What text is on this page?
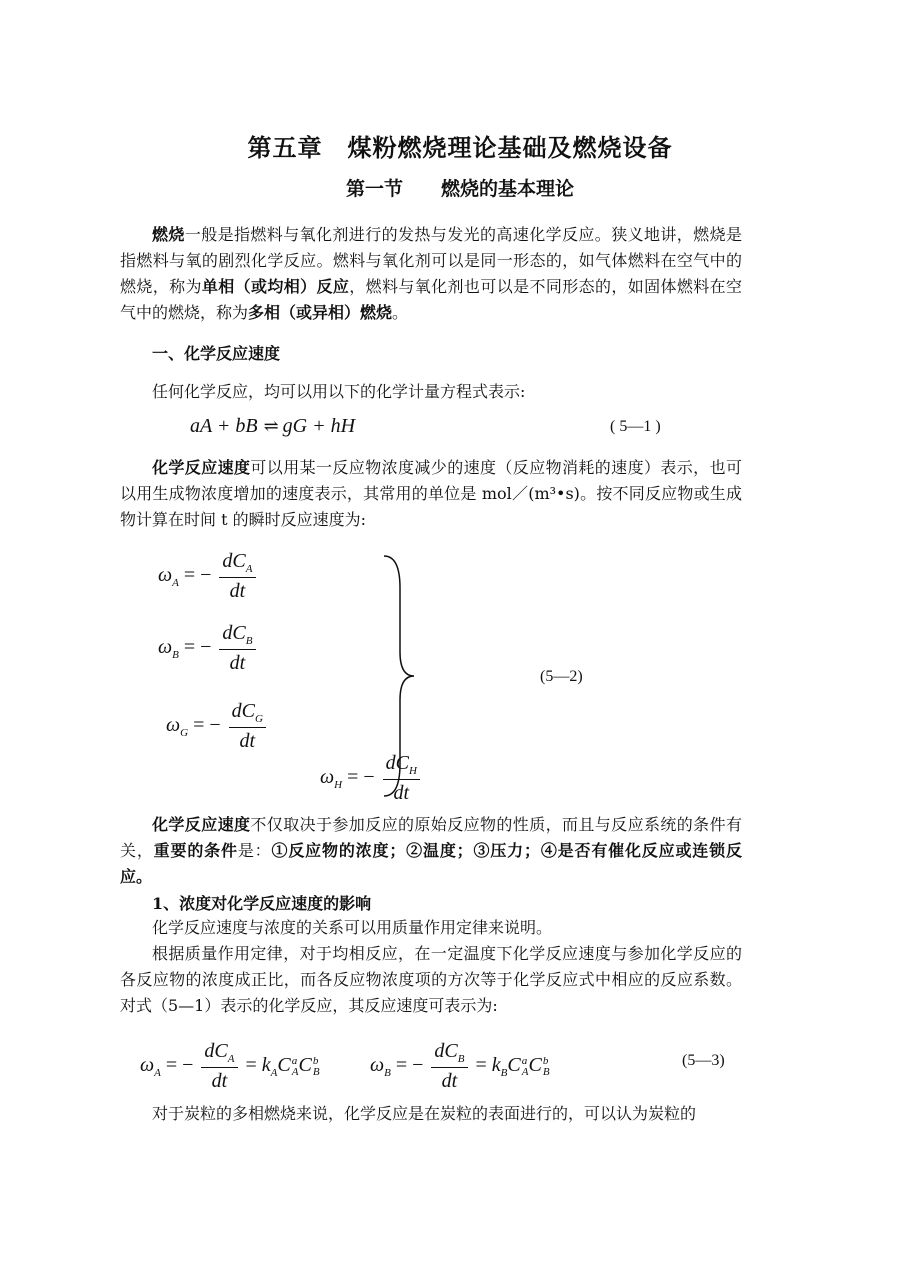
第五章　煤粉燃烧理论基础及燃烧设备
第一节　　燃烧的基本理论
燃烧一般是指燃料与氧化剂进行的发热与发光的高速化学反应。狭义地讲，燃烧是指燃料与氧的剧烈化学反应。燃料与氧化剂可以是同一形态的，如气体燃料在空气中的燃烧，称为单相（或均相）反应，燃料与氧化剂也可以是不同形态的，如固体燃料在空气中的燃烧，称为多相（或异相）燃烧。
一、化学反应速度
任何化学反应，均可以用以下的化学计量方程式表示:
aA + bB ⇌ gG + hH	( 5—1 )
化学反应速度可以用某一反应物浓度减少的速度（反应物消耗的速度）表示，也可以用生成物浓度增加的速度表示，其常用的单位是 mol／(m³•s)。按不同反应物或生成物计算在时间 t 的瞬时反应速度为:
$\omega_A$ = − $\frac{dC_A}{dt}$
$\omega_B$ = − $\frac{dC_B}{dt}$
$\omega_G$ = − $\frac{dC_G}{dt}$
$\omega_H$ = − $\frac{dC_H}{dt}$
(5—2)
化学反应速度不仅取决于参加反应的原始反应物的性质，而且与反应系统的条件有关，重要的条件是：①反应物的浓度；②温度；③压力；④是否有催化反应或连锁反应。
1、浓度对化学反应速度的影响
化学反应速度与浓度的关系可以用质量作用定律来说明。
根据质量作用定律，对于均相反应，在一定温度下化学反应速度与参加化学反应的各反应物的浓度成正比，而各反应物浓度项的方次等于化学反应式中相应的反应系数。对式（5—1）表示的化学反应，其反应速度可表示为:
$\omega_A$ = − $\frac{dC_A}{dt} = k_ACa$
ACb
B	$\omega_B$ = − $\frac{dC_B}{dt} = k_BCa$
ACb
B
(5—3)
对于炭粒的多相燃烧来说，化学反应是在炭粒的表面进行的，可以认为炭粒的
